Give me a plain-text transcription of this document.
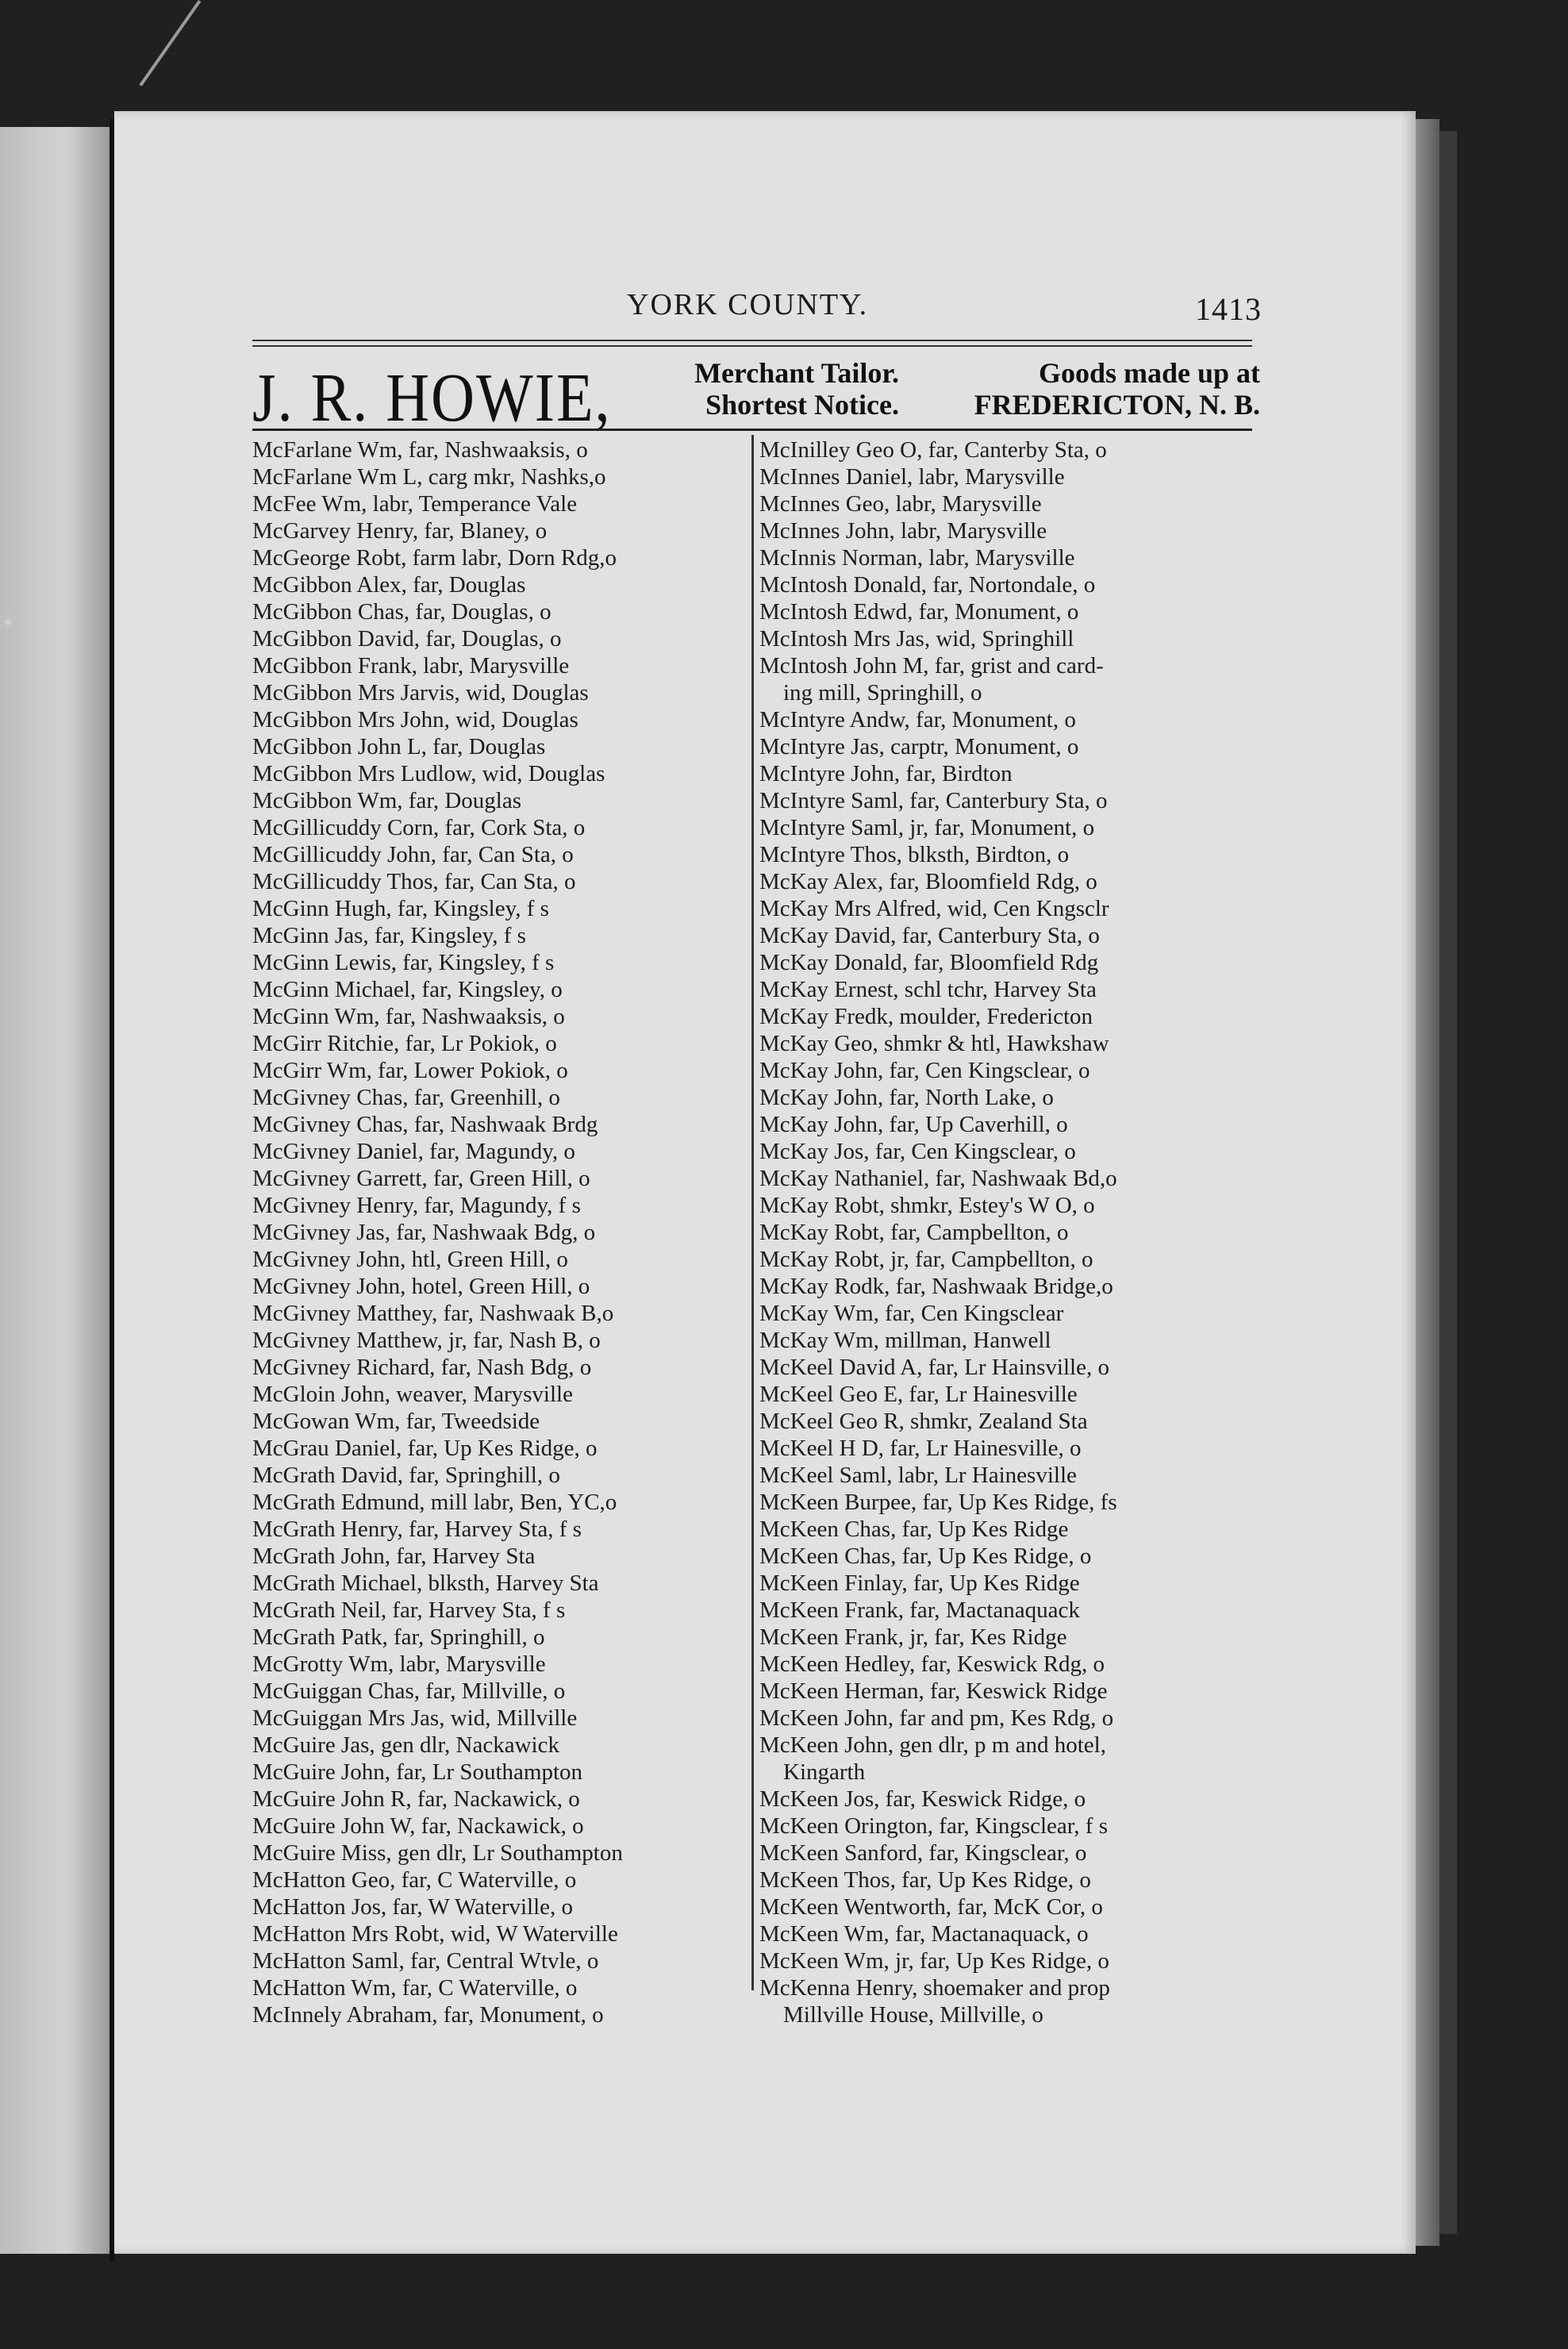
YORK COUNTY.	1413
J. R. HOWIE,	Merchant Tailor.
Shortest Notice.
Goods made up at
FREDERICTON, N. B.
McFarlane Wm, far, Nashwaaksis, o
McFarlane Wm L, carg mkr, Nashks,o
McFee Wm, labr, Temperance Vale
McGarvey Henry, far, Blaney, o
McGeorge Robt, farm labr, Dorn Rdg,o
McGibbon Alex, far, Douglas
McGibbon Chas, far, Douglas, o
McGibbon David, far, Douglas, o
McGibbon Frank, labr, Marysville
McGibbon Mrs Jarvis, wid, Douglas
McGibbon Mrs John, wid, Douglas
McGibbon John L, far, Douglas
McGibbon Mrs Ludlow, wid, Douglas
McGibbon Wm, far, Douglas
McGillicuddy Corn, far, Cork Sta, o
McGillicuddy John, far, Can Sta, o
McGillicuddy Thos, far, Can Sta, o
McGinn Hugh, far, Kingsley, f s
McGinn Jas, far, Kingsley, f s
McGinn Lewis, far, Kingsley, f s
McGinn Michael, far, Kingsley, o
McGinn Wm, far, Nashwaaksis, o
McGirr Ritchie, far, Lr Pokiok, o
McGirr Wm, far, Lower Pokiok, o
McGivney Chas, far, Greenhill, o
McGivney Chas, far, Nashwaak Brdg
McGivney Daniel, far, Magundy, o
McGivney Garrett, far, Green Hill, o
McGivney Henry, far, Magundy, f s
McGivney Jas, far, Nashwaak Bdg, o
McGivney John, htl, Green Hill, o
McGivney John, hotel, Green Hill, o
McGivney Matthey, far, Nashwaak B,o
McGivney Matthew, jr, far, Nash B, o
McGivney Richard, far, Nash Bdg, o
McGloin John, weaver, Marysville
McGowan Wm, far, Tweedside
McGrau Daniel, far, Up Kes Ridge, o
McGrath David, far, Springhill, o
McGrath Edmund, mill labr, Ben, YC,o
McGrath Henry, far, Harvey Sta, f s
McGrath John, far, Harvey Sta
McGrath Michael, blksth, Harvey Sta
McGrath Neil, far, Harvey Sta, f s
McGrath Patk, far, Springhill, o
McGrotty Wm, labr, Marysville
McGuiggan Chas, far, Millville, o
McGuiggan Mrs Jas, wid, Millville
McGuire Jas, gen dlr, Nackawick
McGuire John, far, Lr Southampton
McGuire John R, far, Nackawick, o
McGuire John W, far, Nackawick, o
McGuire Miss, gen dlr, Lr Southampton
McHatton Geo, far, C Waterville, o
McHatton Jos, far, W Waterville, o
McHatton Mrs Robt, wid, W Waterville
McHatton Saml, far, Central Wtvle, o
McHatton Wm, far, C Waterville, o
McInnely Abraham, far, Monument, o
McInilley Geo O, far, Canterby Sta, o
McInnes Daniel, labr, Marysville
McInnes Geo, labr, Marysville
McInnes John, labr, Marysville
McInnis Norman, labr, Marysville
McIntosh Donald, far, Nortondale, o
McIntosh Edwd, far, Monument, o
McIntosh Mrs Jas, wid, Springhill
McIntosh John M, far, grist and card-
ing mill, Springhill, o
McIntyre Andw, far, Monument, o
McIntyre Jas, carptr, Monument, o
McIntyre John, far, Birdton
McIntyre Saml, far, Canterbury Sta, o
McIntyre Saml, jr, far, Monument, o
McIntyre Thos, blksth, Birdton, o
McKay Alex, far, Bloomfield Rdg, o
McKay Mrs Alfred, wid, Cen Kngsclr
McKay David, far, Canterbury Sta, o
McKay Donald, far, Bloomfield Rdg
McKay Ernest, schl tchr, Harvey Sta
McKay Fredk, moulder, Fredericton
McKay Geo, shmkr & htl, Hawkshaw
McKay John, far, Cen Kingsclear, o
McKay John, far, North Lake, o
McKay John, far, Up Caverhill, o
McKay Jos, far, Cen Kingsclear, o
McKay Nathaniel, far, Nashwaak Bd,o
McKay Robt, shmkr, Estey's W O, o
McKay Robt, far, Campbellton, o
McKay Robt, jr, far, Campbellton, o
McKay Rodk, far, Nashwaak Bridge,o
McKay Wm, far, Cen Kingsclear
McKay Wm, millman, Hanwell
McKeel David A, far, Lr Hainsville, o
McKeel Geo E, far, Lr Hainesville
McKeel Geo R, shmkr, Zealand Sta
McKeel H D, far, Lr Hainesville, o
McKeel Saml, labr, Lr Hainesville
McKeen Burpee, far, Up Kes Ridge, fs
McKeen Chas, far, Up Kes Ridge
McKeen Chas, far, Up Kes Ridge, o
McKeen Finlay, far, Up Kes Ridge
McKeen Frank, far, Mactanaquack
McKeen Frank, jr, far, Kes Ridge
McKeen Hedley, far, Keswick Rdg, o
McKeen Herman, far, Keswick Ridge
McKeen John, far and pm, Kes Rdg, o
McKeen John, gen dlr, p m and hotel,
Kingarth
McKeen Jos, far, Keswick Ridge, o
McKeen Orington, far, Kingsclear, f s
McKeen Sanford, far, Kingsclear, o
McKeen Thos, far, Up Kes Ridge, o
McKeen Wentworth, far, McK Cor, o
McKeen Wm, far, Mactanaquack, o
McKeen Wm, jr, far, Up Kes Ridge, o
McKenna Henry, shoemaker and prop
Millville House, Millville, o
